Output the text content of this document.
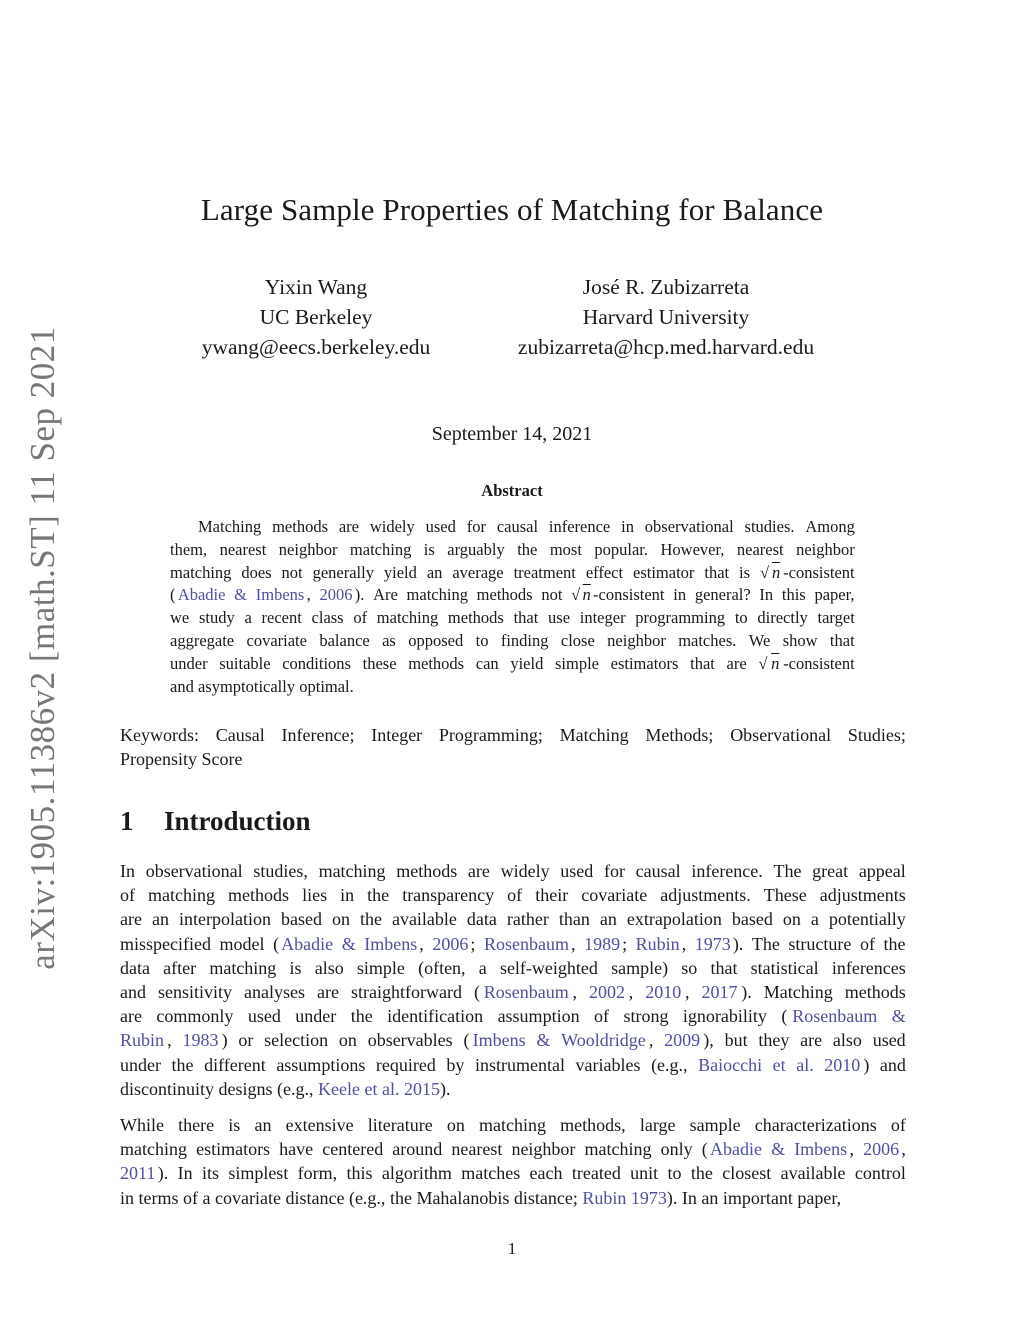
arXiv:1905.11386v2 [math.ST] 11 Sep 2021
Large Sample Properties of Matching for Balance
Yixin Wang
UC Berkeley
ywang@eecs.berkeley.edu
José R. Zubizarreta
Harvard University
zubizarreta@hcp.med.harvard.edu
September 14, 2021
Abstract
Matching
methods
are
widely
used
for
causal
inference
in
observational
studies.
Among
them,
nearest
neighbor
matching
is
arguably
the
most
popular.
However,
nearest
neighbor
matching
does
not
generally
yield
an
average
treatment
effect
estimator
that
is
√ n -consistent
( Abadie
&
Imbens ,
2006 ).
Are
matching
methods
not
√ n -consistent
in
general?
In
this
paper,
we
study
a
recent
class
of
matching
methods
that
use
integer
programming
to
directly
target
aggregate
covariate
balance
as
opposed
to
finding
close
neighbor
matches.
We
show
that
under
suitable
conditions
these
methods
can
yield
simple
estimators
that
are
√ n -consistent
and
asymptotically
optimal.
Keywords:
Causal
Inference;
Integer
Programming;
Matching
Methods;
Observational
Studies;
Propensity
Score
1 Introduction
In
observational
studies,
matching
methods
are
widely
used
for
causal
inference.
The
great
appeal
of
matching
methods
lies
in
the
transparency
of
their
covariate
adjustments.
These
adjustments
are
an
interpolation
based
on
the
available
data
rather
than
an
extrapolation
based
on
a
potentially
misspecified
model
( Abadie
&
Imbens ,
2006 ;
Rosenbaum ,
1989 ;
Rubin ,
1973 ).
The
structure
of
the
data
after
matching
is
also
simple
(often,
a
self-weighted
sample)
so
that
statistical
inferences
and
sensitivity
analyses
are
straightforward
( Rosenbaum ,
2002 ,
2010 ,
2017 ).
Matching
methods
are
commonly
used
under
the
identification
assumption
of
strong
ignorability
( Rosenbaum
&
Rubin ,
1983 )
or
selection
on
observables
( Imbens
&
Wooldridge ,
2009 ),
but
they
are
also
used
under
the
different
assumptions
required
by
instrumental
variables
(e.g.,
Baiocchi
et
al.
2010 )
and
discontinuity
designs
(e.g.,
Keele
et
al.
2015 ).
While
there
is
an
extensive
literature
on
matching
methods,
large
sample
characterizations
of
matching
estimators
have
centered
around
nearest
neighbor
matching
only
( Abadie
&
Imbens ,
2006 ,
2011 ).
In
its
simplest
form,
this
algorithm
matches
each
treated
unit
to
the
closest
available
control
in
terms
of
a
covariate
distance
(e.g.,
the
Mahalanobis
distance;
Rubin
1973 ).
In
an
important
paper,
1
